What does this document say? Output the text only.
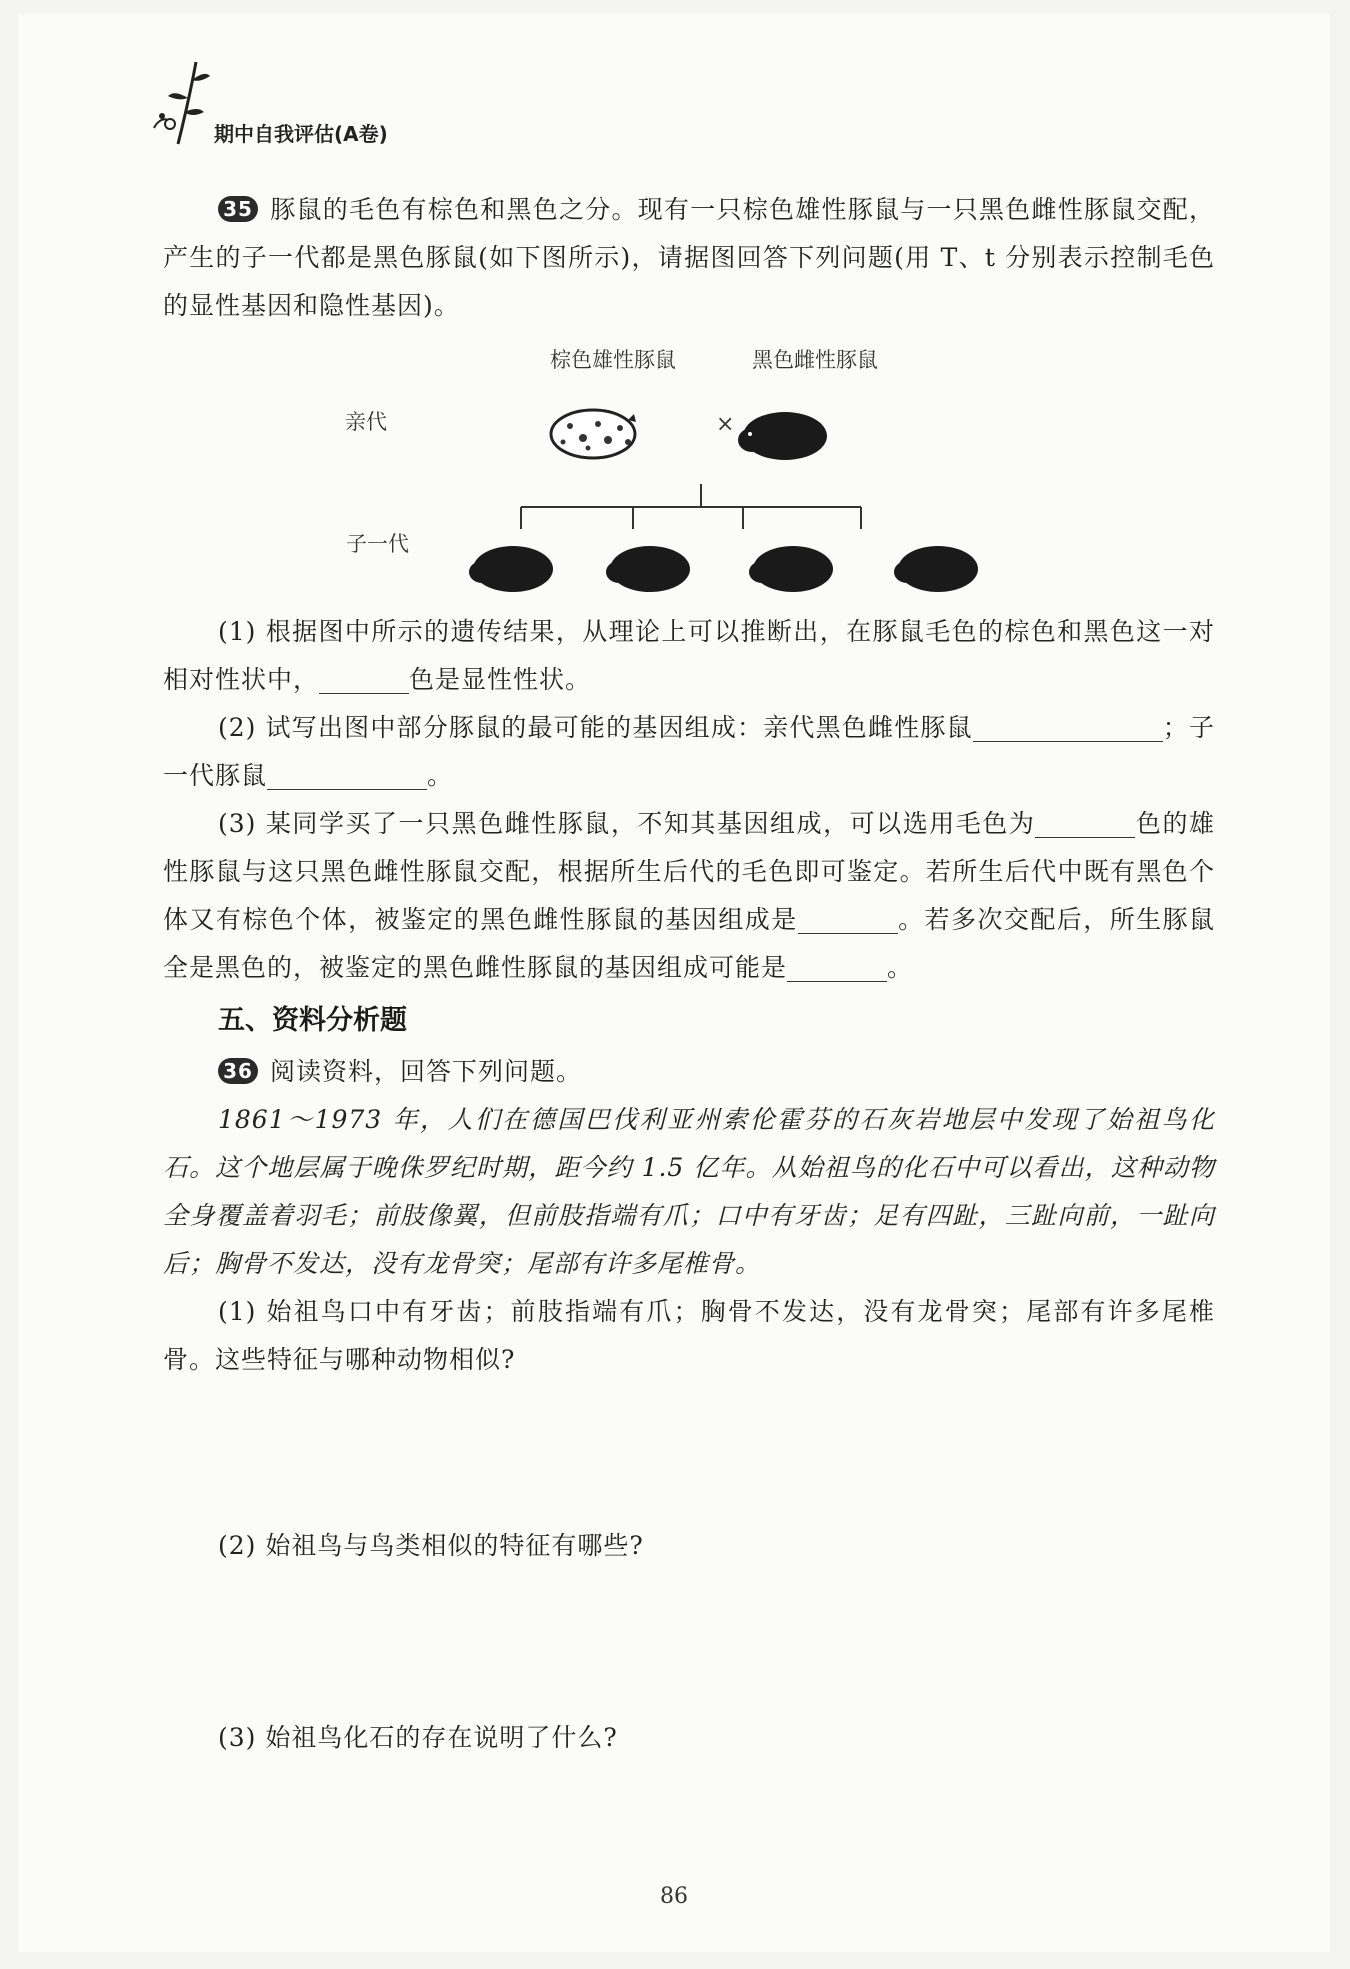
期中自我评估(A卷)
35 豚鼠的毛色有棕色和黑色之分。现有一只棕色雄性豚鼠与一只黑色雌性豚鼠交配，产生的子一代都是黑色豚鼠(如下图所示)，请据图回答下列问题(用 T、t 分别表示控制毛色的显性基因和隐性基因)。
棕色雄性豚鼠	黑色雌性豚鼠
亲代	×
子一代
(1) 根据图中所示的遗传结果，从理论上可以推断出，在豚鼠毛色的棕色和黑色这一对相对性状中，	色是显性性状。
(2) 试写出图中部分豚鼠的最可能的基因组成：亲代黑色雌性豚鼠	；子一代豚鼠	。
(3) 某同学买了一只黑色雌性豚鼠，不知其基因组成，可以选用毛色为	色的雄性豚鼠与这只黑色雌性豚鼠交配，根据所生后代的毛色即可鉴定。若所生后代中既有黑色个体又有棕色个体，被鉴定的黑色雌性豚鼠的基因组成是	。若多次交配后，所生豚鼠全是黑色的，被鉴定的黑色雌性豚鼠的基因组成可能是	。
五、资料分析题
36 阅读资料，回答下列问题。
1861～1973 年，人们在德国巴伐利亚州索伦霍芬的石灰岩地层中发现了始祖鸟化石。这个地层属于晚侏罗纪时期，距今约 1.5 亿年。从始祖鸟的化石中可以看出，这种动物全身覆盖着羽毛；前肢像翼，但前肢指端有爪；口中有牙齿；足有四趾，三趾向前，一趾向后；胸骨不发达，没有龙骨突；尾部有许多尾椎骨。
(1) 始祖鸟口中有牙齿；前肢指端有爪；胸骨不发达，没有龙骨突；尾部有许多尾椎骨。这些特征与哪种动物相似?
(2) 始祖鸟与鸟类相似的特征有哪些?
(3) 始祖鸟化石的存在说明了什么?
86
